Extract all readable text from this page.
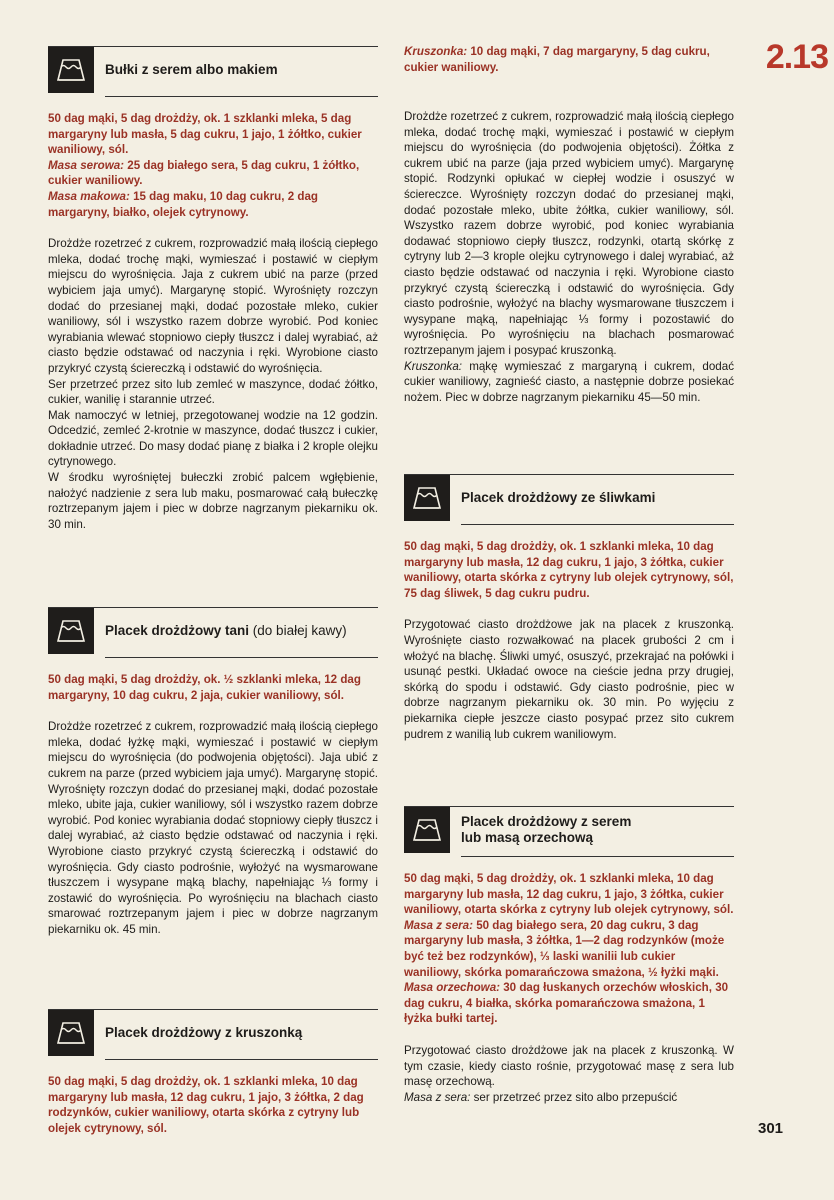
2.13
301
Bułki z serem albo makiem
50 dag mąki, 5 dag drożdży, ok. 1 szklanki mleka, 5 dag margaryny lub masła, 5 dag cukru, 1 jajo, 1 żółtko, cukier waniliowy, sól.
Masa serowa: 25 dag białego sera, 5 dag cukru, 1 żółtko, cukier waniliowy.
Masa makowa: 15 dag maku, 10 dag cukru, 2 dag margaryny, białko, olejek cytrynowy.

Drożdże rozetrzeć z cukrem, rozprowadzić małą ilością ciepłego mleka, dodać trochę mąki, wymieszać i postawić w ciepłym miejscu do wyrośnięcia. Jaja z cukrem ubić na parze (przed wybiciem jaja umyć). Margarynę stopić. Wyrośnięty rozczyn dodać do przesianej mąki, dodać pozostałe mleko, cukier waniliowy, sól i wszystko razem dobrze wyrobić. Pod koniec wyrabiania wlewać stopniowo ciepły tłuszcz i dalej wyrabiać, aż ciasto będzie odstawać od naczynia i ręki. Wyrobione ciasto przykryć czystą ściereczką i odstawić do wyrośnięcia.

Ser przetrzeć przez sito lub zemleć w maszynce, dodać żółtko, cukier, wanilię i starannie utrzeć.

Mak namoczyć w letniej, przegotowanej wodzie na 12 godzin. Odcedzić, zemleć 2-krotnie w maszynce, dodać tłuszcz i cukier, dokładnie utrzeć. Do masy dodać pianę z białka i 2 krople olejku cytrynowego.

W środku wyrośniętej bułeczki zrobić palcem wgłębienie, nałożyć nadzienie z sera lub maku, posmarować całą bułeczkę roztrzepanym jajem i piec w dobrze nagrzanym piekarniku ok. 30 min.

Placek drożdżowy tani (do białej kawy)
50 dag mąki, 5 dag drożdży, ok. ½ szklanki mleka, 12 dag margaryny, 10 dag cukru, 2 jaja, cukier waniliowy, sól.

Drożdże rozetrzeć z cukrem, rozprowadzić małą ilością ciepłego mleka, dodać łyżkę mąki, wymieszać i postawić w ciepłym miejscu do wyrośnięcia (do podwojenia objętości). Jaja ubić z cukrem na parze (przed wybiciem jaja umyć). Margarynę stopić. Wyrośnięty rozczyn dodać do przesianej mąki, dodać pozostałe mleko, ubite jaja, cukier waniliowy, sól i wszystko razem dobrze wyrobić. Pod koniec wyrabiania dodać stopniowy ciepły tłuszcz i dalej wyrabiać, aż ciasto będzie odstawać od naczynia i ręki. Wyrobione ciasto przykryć czystą ściereczką i odstawić do wyrośnięcia. Gdy ciasto podrośnie, wyłożyć na wysmarowane tłuszczem i wysypane mąką blachy, napełniając ⅓ formy i zostawić do wyrośnięcia. Po wyrośnięciu na blachach ciasto smarować roztrzepanym jajem i piec w dobrze nagrzanym piekarniku ok. 45 min.

Placek drożdżowy z kruszonką
50 dag mąki, 5 dag drożdży, ok. 1 szklanki mleka, 10 dag margaryny lub masła, 12 dag cukru, 1 jajo, 3 żółtka, 2 dag rodzynków, cukier waniliowy, otarta skórka z cytryny lub olejek cytrynowy, sól.
Kruszonka: 10 dag mąki, 7 dag margaryny, 5 dag cukru, cukier waniliowy.

Drożdże rozetrzeć z cukrem, rozprowadzić małą ilością ciepłego mleka, dodać trochę mąki, wymieszać i postawić w ciepłym miejscu do wyrośnięcia (do podwojenia objętości). Żółtka z cukrem ubić na parze (jaja przed wybiciem umyć). Margarynę stopić. Rodzynki opłukać w ciepłej wodzie i osuszyć w ściereczce. Wyrośnięty rozczyn dodać do przesianej mąki, dodać pozostałe mleko, ubite żółtka, cukier waniliowy, sól. Wszystko razem dobrze wyrobić, pod koniec wyrabiania dodawać stopniowo ciepły tłuszcz, rodzynki, otartą skórkę z cytryny lub 2—3 krople olejku cytrynowego i dalej wyrabiać, aż ciasto będzie odstawać od naczynia i ręki. Wyrobione ciasto przykryć czystą ściereczką i odstawić do wyrośnięcia. Gdy ciasto podrośnie, wyłożyć na blachy wysmarowane tłuszczem i wysypane mąką, napełniając ⅓ formy i pozostawić do wyrośnięcia. Po wyrośnięciu na blachach posmarować roztrzepanym jajem i posypać kruszonką.

Kruszonka: mąkę wymieszać z margaryną i cukrem, dodać cukier waniliowy, zagnieść ciasto, a następnie dobrze posiekać nożem. Piec w dobrze nagrzanym piekarniku 45—50 min.

Placek drożdżowy ze śliwkami
50 dag mąki, 5 dag drożdży, ok. 1 szklanki mleka, 10 dag margaryny lub masła, 12 dag cukru, 1 jajo, 3 żółtka, cukier waniliowy, otarta skórka z cytryny lub olejek cytrynowy, sól, 75 dag śliwek, 5 dag cukru pudru.

Przygotować ciasto drożdżowe jak na placek z kruszonką. Wyrośnięte ciasto rozwałkować na placek grubości 2 cm i włożyć na blachę. Śliwki umyć, osuszyć, przekrajać na połówki i usunąć pestki. Układać owoce na cieście jedna przy drugiej, skórką do spodu i odstawić. Gdy ciasto podrośnie, piec w dobrze nagrzanym piekarniku ok. 30 min. Po wyjęciu z piekarnika ciepłe jeszcze ciasto posypać przez sito cukrem pudrem z wanilią lub cukrem waniliowym.

Placek drożdżowy z serem
lub masą orzechową
50 dag mąki, 5 dag drożdży, ok. 1 szklanki mleka, 10 dag margaryny lub masła, 12 dag cukru, 1 jajo, 3 żółtka, cukier waniliowy, otarta skórka z cytryny lub olejek cytrynowy, sól.
Masa z sera: 50 dag białego sera, 20 dag cukru, 3 dag margaryny lub masła, 3 żółtka, 1—2 dag rodzynków (może być też bez rodzynków), ⅓ laski wanilii lub cukier waniliowy, skórka pomarańczowa smażona, ½ łyżki mąki.
Masa orzechowa: 30 dag łuskanych orzechów włoskich, 30 dag cukru, 4 białka, skórka pomarańczowa smażona, 1 łyżka bułki tartej.

Przygotować ciasto drożdżowe jak na placek z kruszonką. W tym czasie, kiedy ciasto rośnie, przygotować masę z sera lub masę orzechową.

Masa z sera: ser przetrzeć przez sito albo przepuścić
